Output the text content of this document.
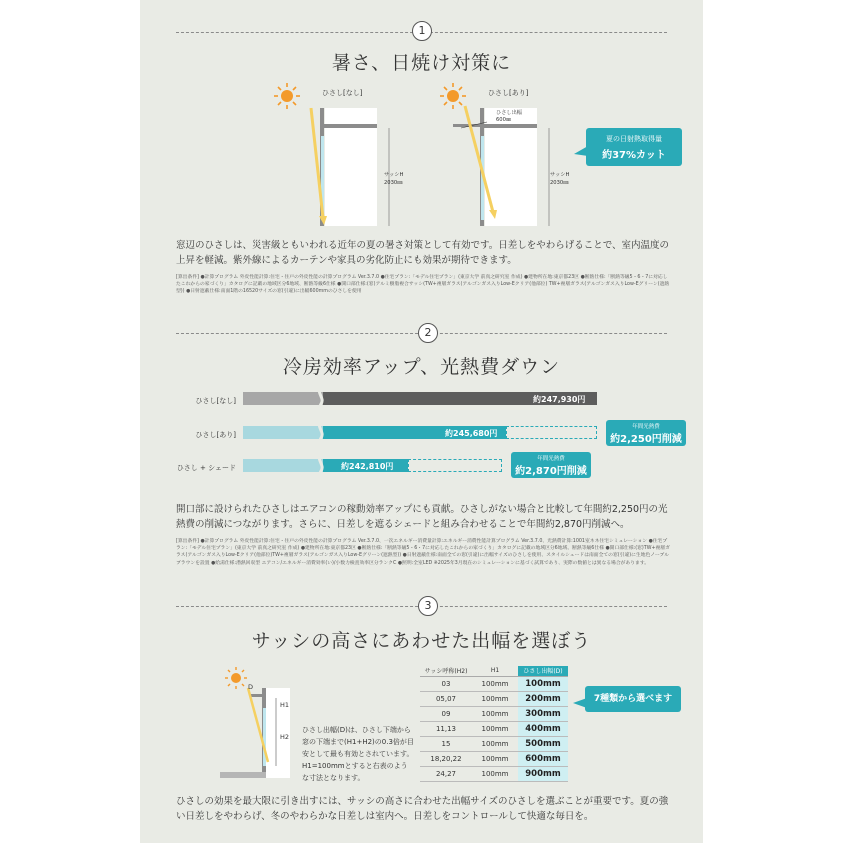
1
暑さ、日焼け対策に
ひさし[なし]
サッシH
2030㎜
ひさし[あり]
ひさし出幅
600㎜
サッシH
2030㎜
夏の日射熱取得量
約37%カット
窓辺のひさしは、災害級ともいわれる近年の夏の暑さ対策として有効です。日差しをやわらげることで、室内温度の上昇を軽減。紫外線によるカーテンや家具の劣化防止にも効果が期待できます。
[算出条件] ●計算プログラム 外皮性能計算:住宅・住戸の外皮性能の計算プログラム Ver.3.7.0 ●住宅プラン:「モデル住宅プラン」(東京大学 前真之研究室 作成) ●建物所在地:東京都23区 ●断熱仕様:「断熱等級5・6・7に対応したこれからの家づくり」カタログに記載の地域区分6地域、断熱等級6仕様 ●開口部仕様:(窓)アルミ樹脂複合サッシ(TW+複層ガラス(アルゴンガス入りLow-Eクリア(他部位) TW+複層ガラス(アルゴンガス入りLow-Eグリーン(遮熱型)) ●日射遮蔽仕様:南面1階の16520サイズの窓(引違)に出幅600mmのひさしを使用
2
冷房効率アップ、光熱費ダウン
ひさし[なし]	約247,930円
ひさし[あり]	約245,680円
年間光熱費
約2,250円削減
ひさし + シェード	約242,810円
年間光熱費
約2,870円削減
開口部に設けられたひさしはエアコンの稼動効率アップにも貢献。ひさしがない場合と比較して年間約2,250円の光熱費の削減につながります。さらに、日差しを遮るシェードと組み合わせることで年間約2,870円削減へ。
[算出条件] ●計算プログラム 外皮性能計算:住宅・住戸の外皮性能の計算プログラム Ver.3.7.0、一次エネルギー消費量計算:エネルギー消費性能計算プログラム Ver.3.7.0、光熱費計算:1001室ネネ住宅シミュレーション ●住宅プラン:「モデル住宅プラン」(東京大学 前真之研究室 作成) ●建物所在地:東京都23区 ●断熱仕様:「断熱等級5・6・7に対応したこれからの家づくり」カタログに記載の地域区分6地域、断熱等級6仕様 ●開口部仕様:(窓)TW+複層ガラス(アルゴンガス入りLow-Eクリア(他部位)TW+複層ガラス(アルゴンガス入りLow-Eグリーン(遮熱型)) ●日射遮蔽仕様:南面全ての窓(引違)に出幅サイズのひさしを使用、スタイルシェードは南面全ての窓(引違)に生地色ノーブルブラウンを設置 ●給湯仕様:潜熱回収型 エアコン/エネルギー消費効率(い)/小数力検査効率区分ランクC ●照明:全室LED ※2025年3月現在のシミュレーションに基づく試算であり、実際の数値とは異なる場合があります。
3
サッシの高さにあわせた出幅を選ぼう
D
H1
H2
ひさし出幅(D)は、ひさし下端から窓の下端まで(H1+H2)の0.3倍が目安として最も有効とされています。H1=100mmとすると右表のような寸法となります。
サッシ呼称(H2)	H1	ひさし出幅(D)
03	100mm	100mm
05,07	100mm	200mm
09	100mm	300mm
11,13	100mm	400mm
15	100mm	500mm
18,20,22	100mm	600mm
24,27	100mm	900mm
7種類から選べます
ひさしの効果を最大限に引き出すには、サッシの高さに合わせた出幅サイズのひさしを選ぶことが重要です。夏の強い日差しをやわらげ、冬のやわらかな日差しは室内へ。日差しをコントロールして快適な毎日を。
